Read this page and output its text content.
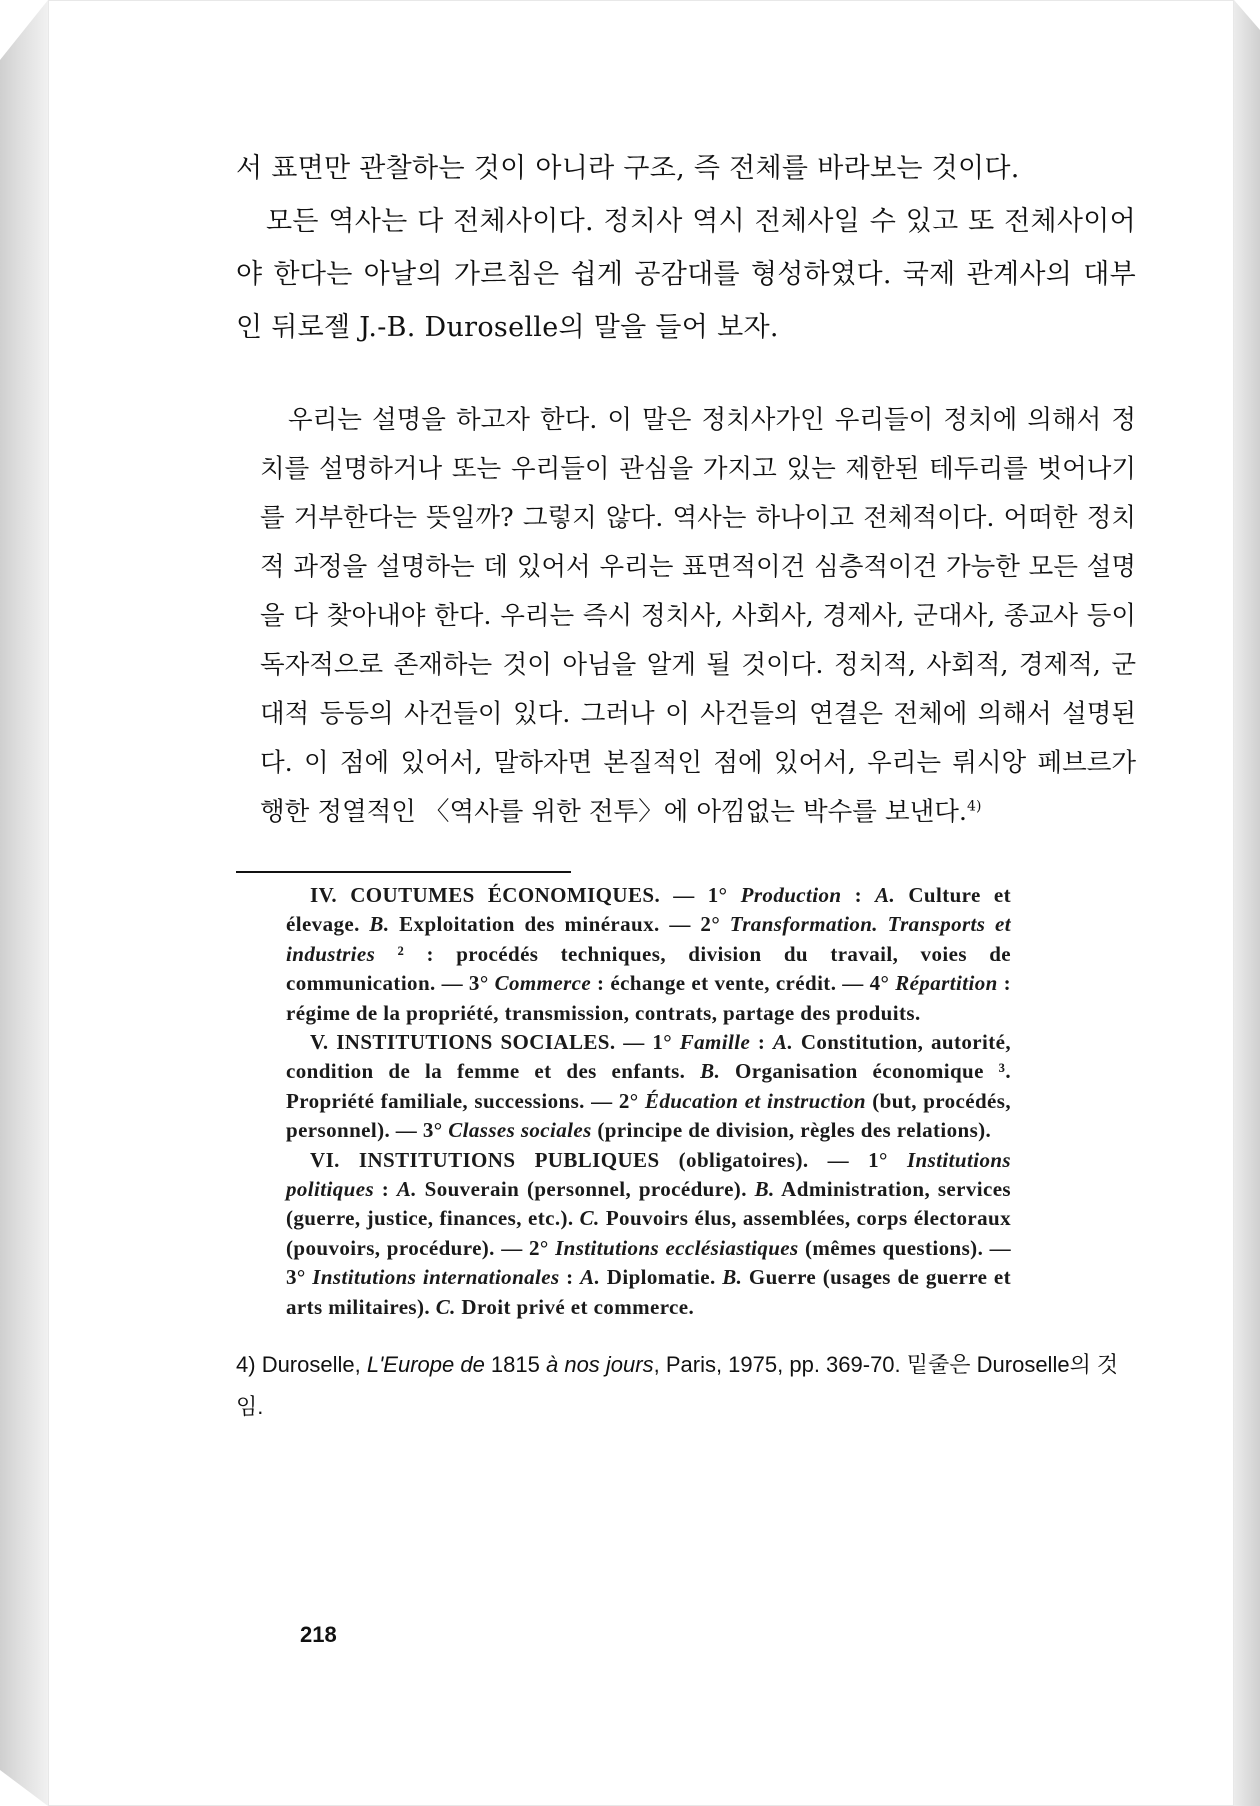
서 표면만 관찰하는 것이 아니라 구조, 즉 전체를 바라보는 것이다.

모든 역사는 다 전체사이다. 정치사 역시 전체사일 수 있고 또 전체사이어야 한다는 아날의 가르침은 쉽게 공감대를 형성하였다. 국제 관계사의 대부인 뒤로젤 J.-B. Duroselle의 말을 들어 보자.

우리는 설명을 하고자 한다. 이 말은 정치사가인 우리들이 정치에 의해서 정치를 설명하거나 또는 우리들이 관심을 가지고 있는 제한된 테두리를 벗어나기를 거부한다는 뜻일까? 그렇지 않다. 역사는 하나이고 전체적이다. 어떠한 정치적 과정을 설명하는 데 있어서 우리는 표면적이건 심층적이건 가능한 모든 설명을 다 찾아내야 한다. 우리는 즉시 정치사, 사회사, 경제사, 군대사, 종교사 등이 독자적으로 존재하는 것이 아님을 알게 될 것이다. 정치적, 사회적, 경제적, 군대적 등등의 사건들이 있다. 그러나 이 사건들의 연결은 전체에 의해서 설명된다. 이 점에 있어서, 말하자면 본질적인 점에 있어서, 우리는 뤼시앙 페브르가 행한 정열적인 〈역사를 위한 전투〉에 아낌없는 박수를 보낸다.$^{4)}$

IV. COUTUMES ÉCONOMIQUES. — 1° Production : A. Culture et élevage. B. Exploitation des minéraux. — 2° Transformation. Transports et industries ² : procédés techniques, division du travail, voies de communication. — 3° Commerce : échange et vente, crédit. — 4° Répartition : régime de la propriété, transmission, contrats, partage des produits.

V. INSTITUTIONS SOCIALES. — 1° Famille : A. Constitution, autorité, condition de la femme et des enfants. B. Organisation économique ³. Propriété familiale, successions. — 2° Éducation et instruction (but, procédés, personnel). — 3° Classes sociales (principe de division, règles des relations).

VI. INSTITUTIONS PUBLIQUES (obligatoires). — 1° Institutions politiques : A. Souverain (personnel, procédure). B. Administration, services (guerre, justice, finances, etc.). C. Pouvoirs élus, assemblées, corps électoraux (pouvoirs, procédure). — 2° Institutions ecclésiastiques (mêmes questions). — 3° Institutions internationales : A. Diplomatie. B. Guerre (usages de guerre et arts militaires). C. Droit privé et commerce.

4) Duroselle, L'Europe de 1815 à nos jours, Paris, 1975, pp. 369-70. 밑줄은 Duroselle의 것임.

218
